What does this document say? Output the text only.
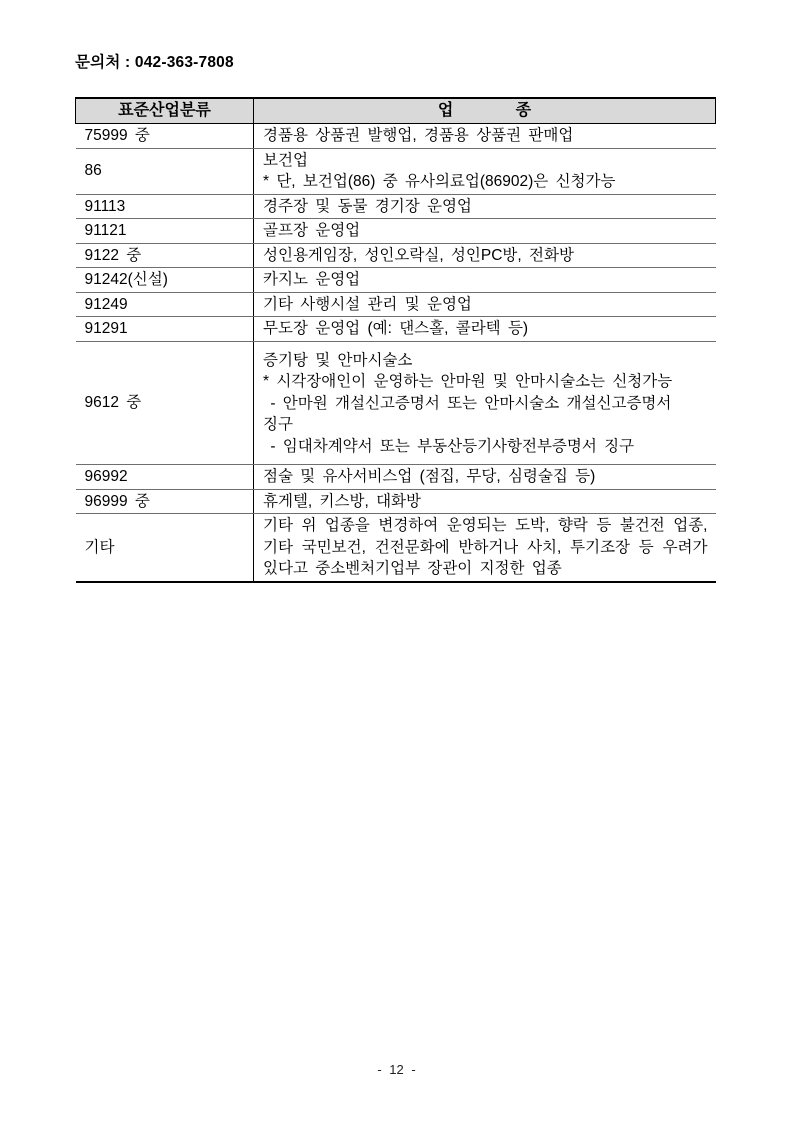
문의처 : 042-363-7808
표준산업분류	업              종
75999 중	경품용 상품권 발행업, 경품용 상품권 판매업

86	보건업
* 단, 보건업(86) 중 유사의료업(86902)은 신청가능

91113	경주장 및 동물 경기장 운영업

91121	골프장 운영업

9122 중	성인용게임장, 성인오락실, 성인PC방, 전화방

91242(신설)	카지노 운영업

91249	기타 사행시설 관리 및 운영업

91291	무도장 운영업 (예: 댄스홀, 콜라텍 등)

9612 중	증기탕 및 안마시술소
* 시각장애인이 운영하는 안마원 및 안마시술소는 신청가능
- 안마원 개설신고증명서 또는 안마시술소 개설신고증명서 징구
- 임대차계약서 또는 부동산등기사항전부증명서 징구

96992	점술 및 유사서비스업 (점집, 무당, 심령술집 등)

96999 중	휴게텔, 키스방, 대화방

기타	기타 위 업종을 변경하여 운영되는 도박, 향락 등 불건전 업종, 기타 국민보건, 건전문화에 반하거나 사치, 투기조장 등 우려가 있다고 중소벤처기업부 장관이 지정한 업종
- 12 -
